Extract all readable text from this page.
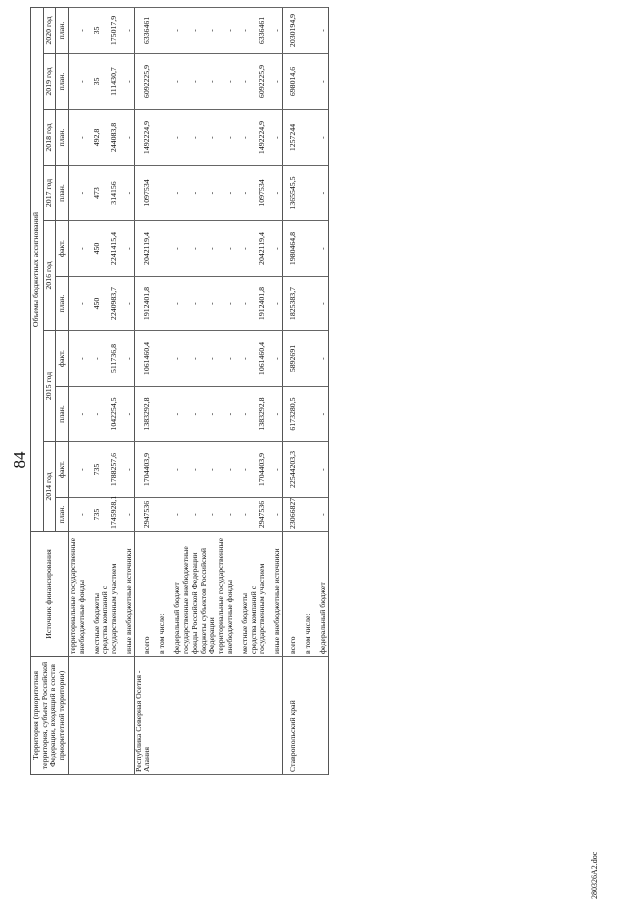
84
Территория (приоритетная территория, субъект Российской Федерации, входящий в состав приоритетной территории)	Источник финансирования	Объемы бюджетных ассигнований									
		2014 год		2015 год		2016 год		2017 год	2018 год	2019 год	2020 год
		план.	факт.	план.	факт.	план.	факт.	план.	план.	план.	план.
	территориальные государственные внебюджетные фонды	-	-	-	-	-	-	-	-	-	-
	местные бюджеты	735	735	-	-	450	450	473	492,8	35	35
	средства компаний с государственным участием	1745928,1	1788257,6	1042254,5	511736,8	2240983,7	2241415,4	314156	244083,8	111430,7	175017,9
	иные внебюджетные источники	-	-	-	-	-	-	-	-	-	-
Республика Северная Осетия - Алания	всего	2947536	1704403,9	1383292,8	1061460,4	1912401,8	2042119,4	1097534	1492224,9	6092225,9	6336461
	в том числе:										
	федеральный бюджет	-	-	-	-	-	-	-	-	-	-
	государственные внебюджетные фонды Российской Федерации	-	-	-	-	-	-	-	-	-	-
	бюджеты субъектов Российской Федерации	-	-	-	-	-	-	-	-	-	-
	территориальные государственные внебюджетные фонды	-	-	-	-	-	-	-	-	-	-
	местные бюджеты	-	-	-	-	-	-	-	-	-	-
	средства компаний с государственным участием	2947536	1704403,9	1383292,8	1061460,4	1912401,8	2042119,4	1097534	1492224,9	6092225,9	6336461
	иные внебюджетные источники	-	-	-	-	-	-	-	-	-	-
Ставропольский край	всего	23066827	22544203,3	6173280,5	5892691	1825383,7	1980464,8	1365545,5	1257244	698014,6	2030194,9
	в том числе:										
	федеральный бюджет	-	-	-	-	-	-	-	-	-	-
280326А2.doc
